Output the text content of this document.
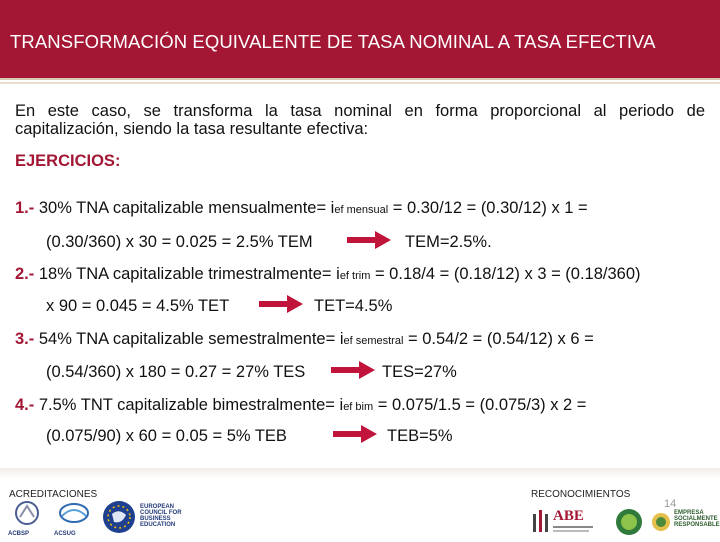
TRANSFORMACIÓN EQUIVALENTE DE TASA NOMINAL A TASA EFECTIVA
En este caso, se transforma la tasa nominal en forma proporcional al periodo de capitalización, siendo la tasa resultante efectiva:
EJERCICIOS:
1.- 30% TNA capitalizable mensualmente= ief mensual = 0.30/12 = (0.30/12) x 1 =
(0.30/360) x 30 = 0.025 = 2.5% TEM	TEM=2.5%.
2.- 18% TNA capitalizable trimestralmente= ief trim = 0.18/4 = (0.18/12) x 3 = (0.18/360)
x 90 = 0.045 = 4.5% TET	TET=4.5%
3.- 54% TNA capitalizable semestralmente= ief semestral = 0.54/2 = (0.54/12) x 6 =
(0.54/360) x 180 = 0.27 = 27% TES	TES=27%
4.- 7.5% TNT capitalizable bimestralmente= ief bim = 0.075/1.5 = (0.075/3) x 2 =
(0.075/90) x 60 = 0.05 = 5% TEB	TEB=5%
ACREDITACIONES	RECONOCIMIENTOS
14
ACBSP	ACSUG
EUROPEAN
COUNCIL FOR
BUSINESS
EDUCATION
ABE	EMPRESA
SOCIALMENTE
RESPONSABLE
